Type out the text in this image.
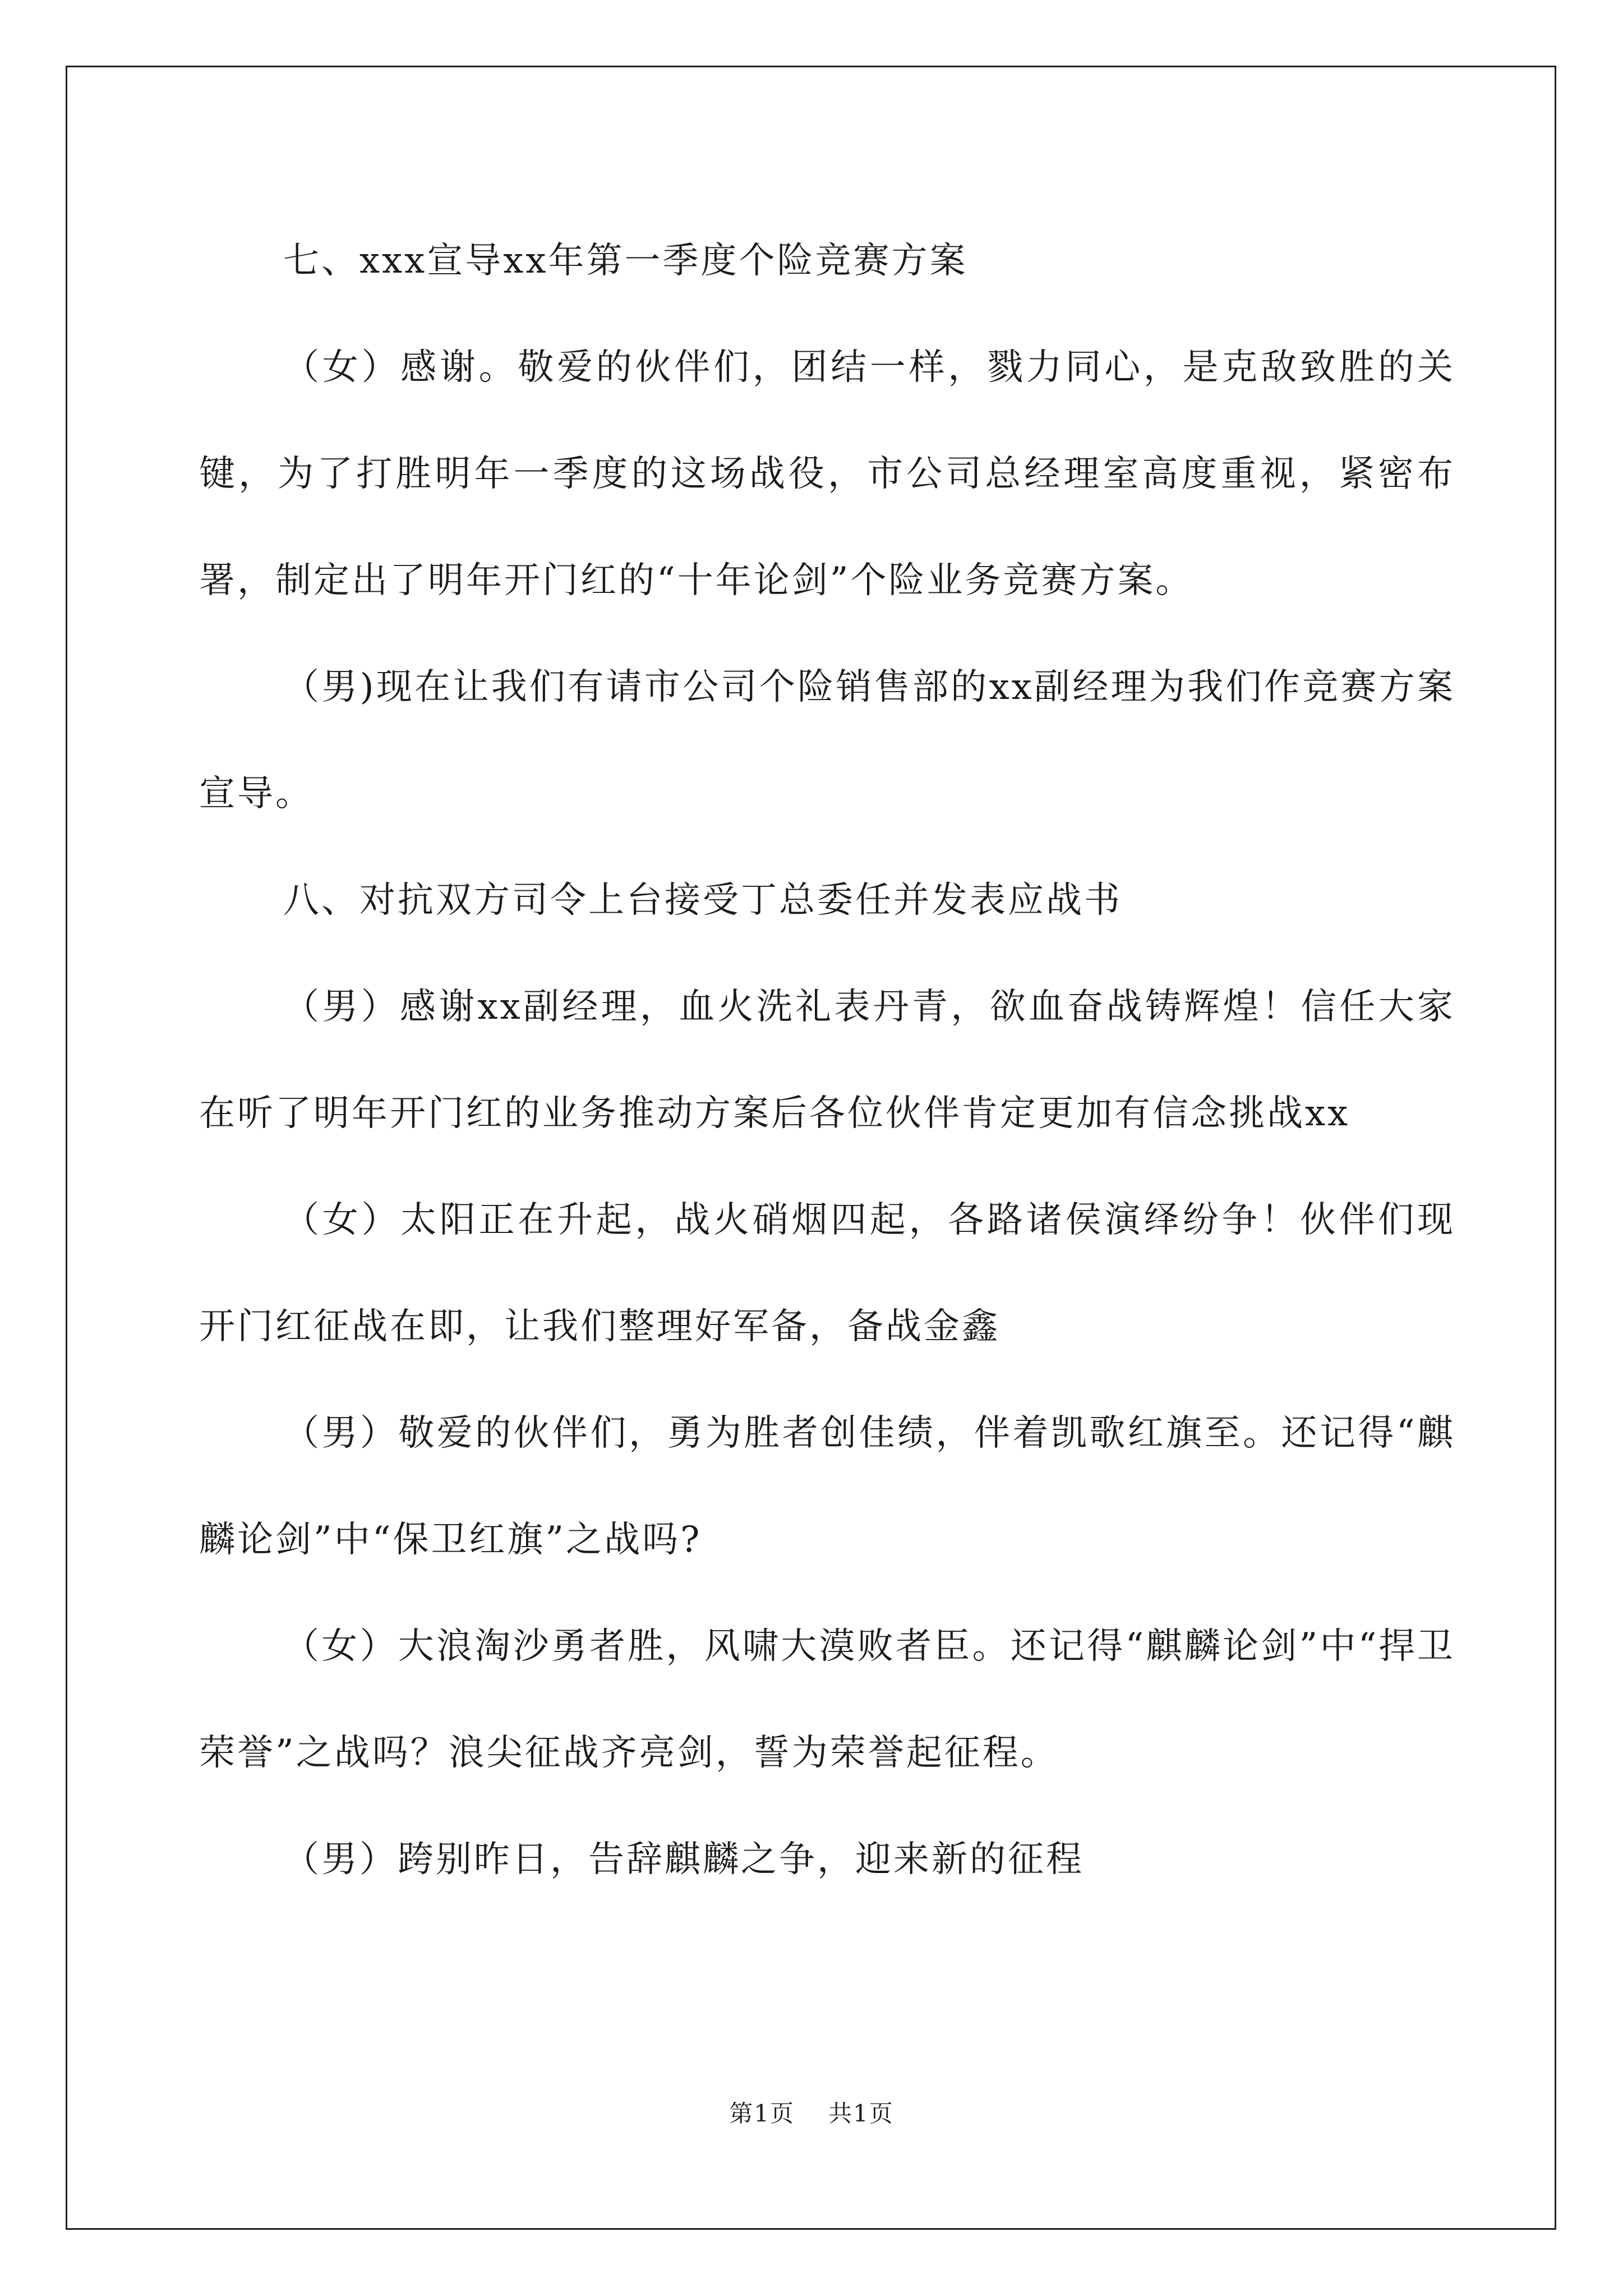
七、xxx宣导xx年第一季度个险竞赛方案

（女）感谢。敬爱的伙伴们，团结一样，戮力同心，是克敌致胜的关键，为了打胜明年一季度的这场战役，市公司总经理室高度重视，紧密布署，制定出了明年开门红的“十年论剑”个险业务竞赛方案。

（男)现在让我们有请市公司个险销售部的xx副经理为我们作竞赛方案宣导。

八、对抗双方司令上台接受丁总委任并发表应战书

（男）感谢xx副经理，血火洗礼表丹青，欲血奋战铸辉煌！信任大家在听了明年开门红的业务推动方案后各位伙伴肯定更加有信念挑战xx

（女）太阳正在升起，战火硝烟四起，各路诸侯演绎纷争！伙伴们现开门红征战在即，让我们整理好军备，备战金鑫

（男）敬爱的伙伴们，勇为胜者创佳绩，伴着凯歌红旗至。还记得“麒麟论剑”中“保卫红旗”之战吗?

（女）大浪淘沙勇者胜，风啸大漠败者臣。还记得“麒麟论剑”中“捍卫荣誉”之战吗？浪尖征战齐亮剑，誓为荣誉起征程。

（男）跨别昨日，告辞麒麟之争，迎来新的征程

第1页 共1页
